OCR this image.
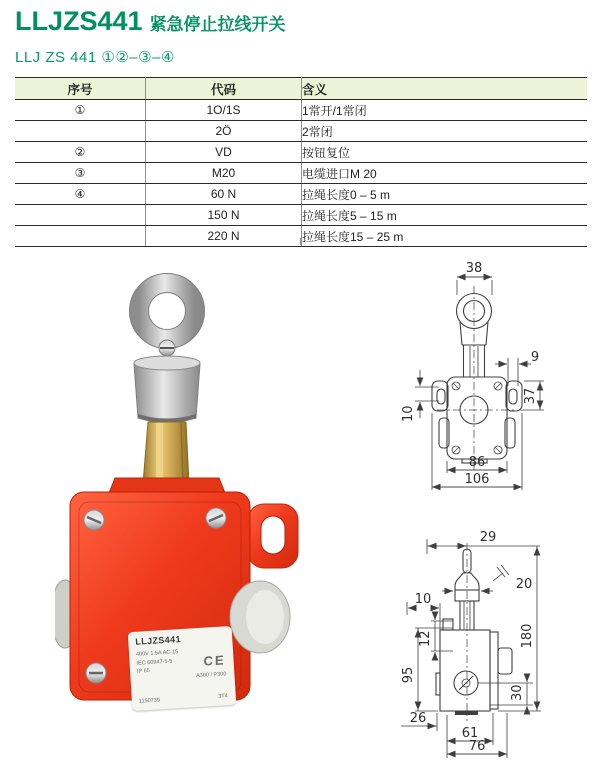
LLJZS441 紧急停止拉线开关
LLJ ZS 441 ①②–③–④
序号	代码	含义
①	1O/1S	1常开/1常闭
	2Ö	2常闭
②	VD	按钮复位
③	M20	电缆进口M 20
④	60 N	拉绳长度0 – 5 m
	150 N	拉绳长度5 – 15 m
	220 N	拉绳长度15 – 25 m
LLJZS441
400V 1.5A AC-15
IEC 60947-5-5
IP 65
CE
A300 / P300
1150739
3T4
38
9
37
10
86
106
29
20
10
12
95
180
30
26
61
76
